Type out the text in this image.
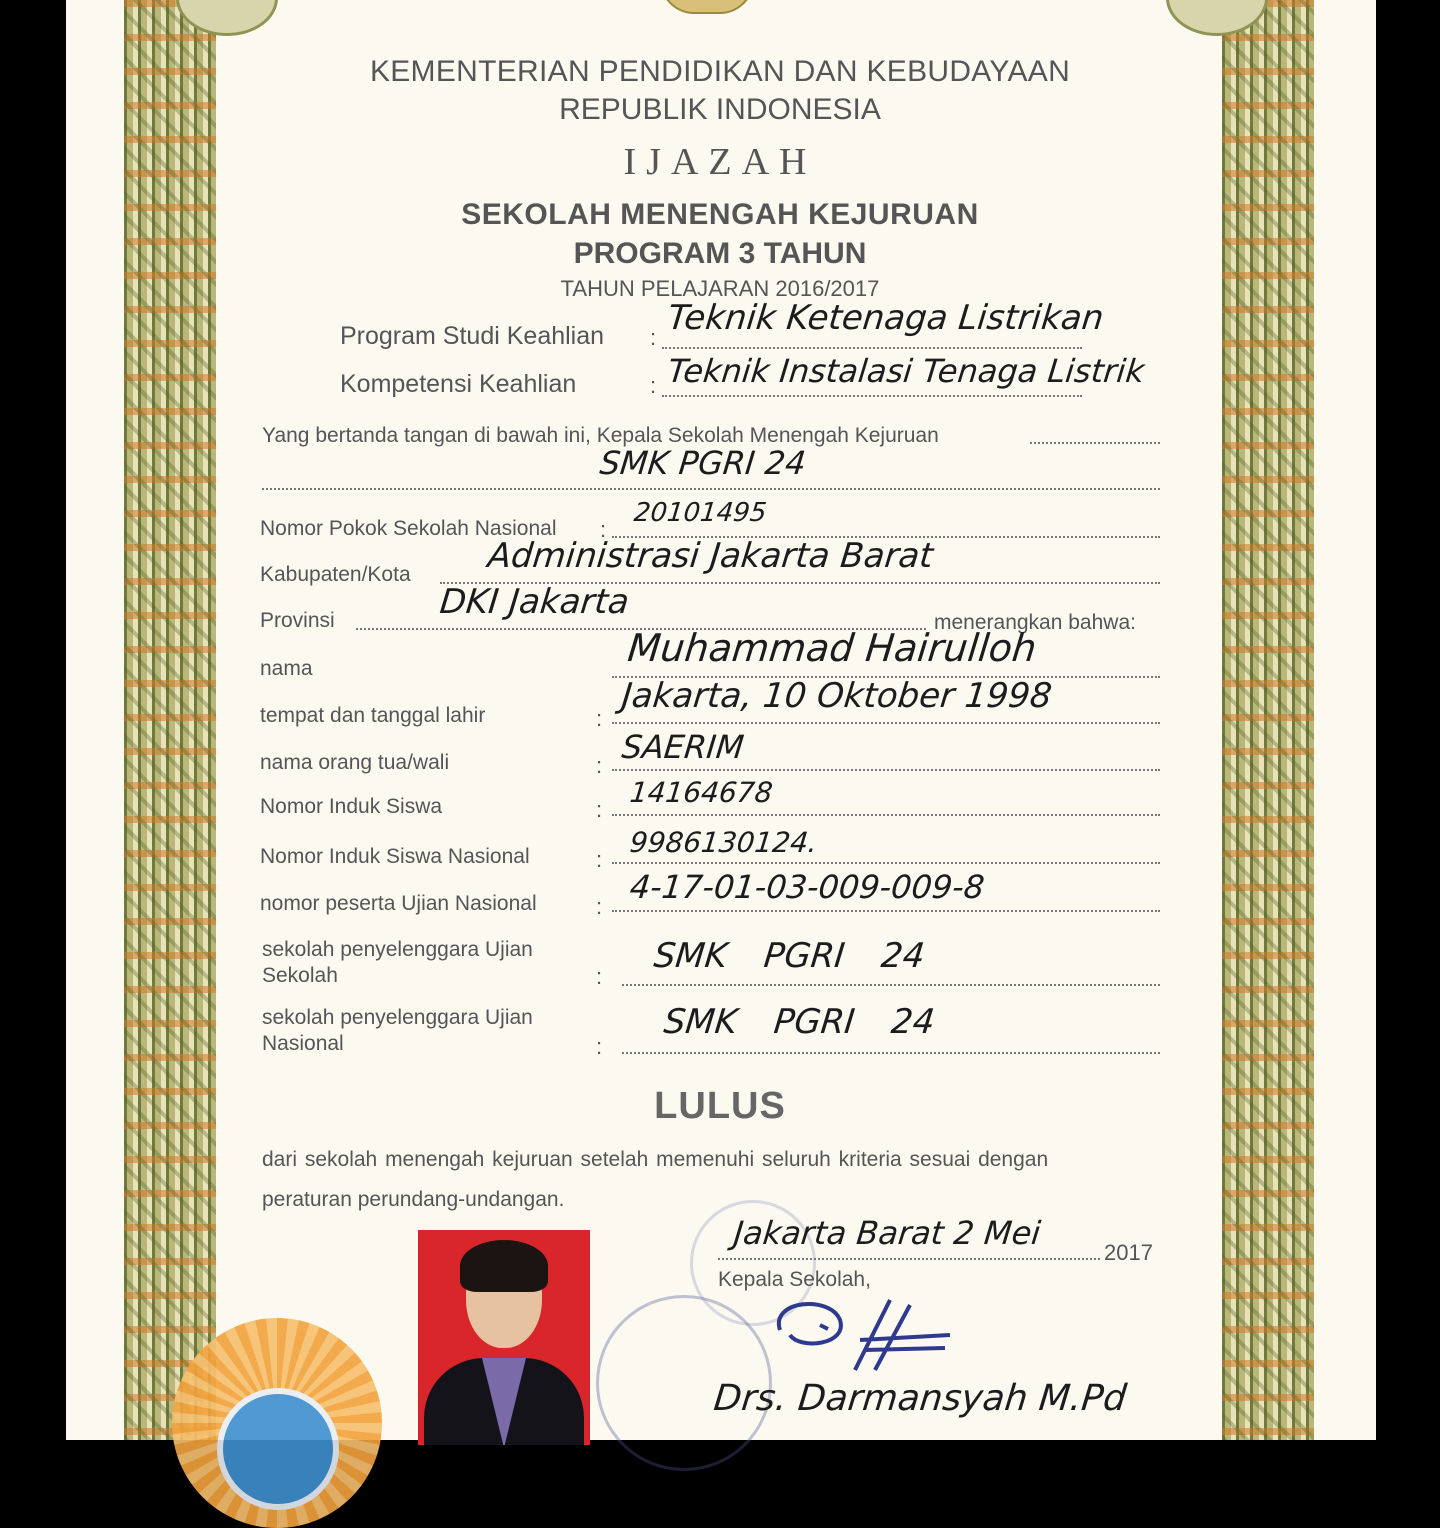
KEMENTERIAN PENDIDIKAN DAN KEBUDAYAAN
REPUBLIK INDONESIA
IJAZAH
SEKOLAH MENENGAH KEJURUAN
PROGRAM 3 TAHUN
TAHUN PELAJARAN 2016/2017
Program Studi Keahlian : Teknik Ketenaga Listrikan
Kompetensi Keahlian	: Teknik Instalasi Tenaga Listrik
Yang bertanda tangan di bawah ini, Kepala Sekolah Menengah Kejuruan
SMK PGRI 24
Nomor Pokok Sekolah Nasional :
20101495
Kabupaten/Kota Administrasi Jakarta Barat
Provinsi	DKI Jakarta
menerangkan bahwa:
nama	Muhammad Hairulloh
tempat dan tanggal lahir	:
Jakarta, 10 Oktober 1998
nama orang tua/wali	: SAERIM
Nomor Induk Siswa	:
14164678
Nomor Induk Siswa Nasional	:
9986130124.
nomor peserta Ujian Nasional	:
4-17-01-03-009-009-8
sekolah penyelenggara Ujian
Sekolah	:
SMK PGRI 24
sekolah penyelenggara Ujian
Nasional	:
SMK PGRI 24
LULUS
dari sekolah menengah kejuruan setelah memenuhi seluruh kriteria sesuai dengan
peraturan perundang-undangan.
Jakarta Barat 2 Mei
2017
Kepala Sekolah,
Drs. Darmansyah M.Pd
